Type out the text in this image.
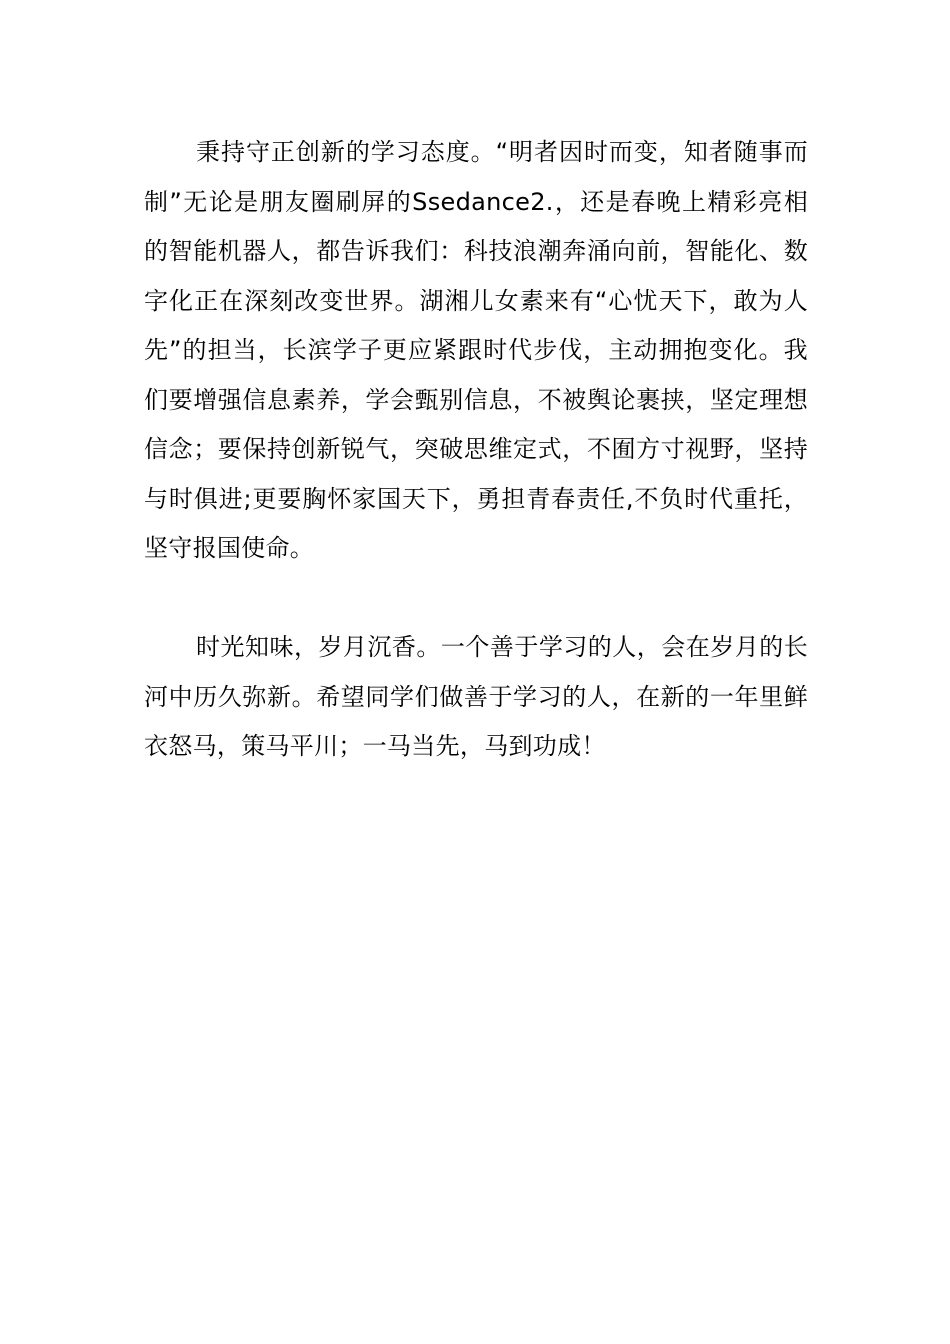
秉持守正创新的学习态度。“明者因时而变，知者随事而制”无论是朋友圈刷屏的Ssedance2.，还是春晚上精彩亮相的智能机器人，都告诉我们：科技浪潮奔涌向前，智能化、数字化正在深刻改变世界。湖湘儿女素来有“心忧天下，敢为人先”的担当，长滨学子更应紧跟时代步伐，主动拥抱变化。我们要增强信息素养，学会甄别信息，不被舆论裹挟，坚定理想信念；要保持创新锐气，突破思维定式，不囿方寸视野，坚持与时俱进;更要胸怀家国天下，勇担青春责任,不负时代重托，坚守报国使命。

时光知味，岁月沉香。一个善于学习的人，会在岁月的长河中历久弥新。希望同学们做善于学习的人，在新的一年里鲜衣怒马，策马平川；一马当先，马到功成！
